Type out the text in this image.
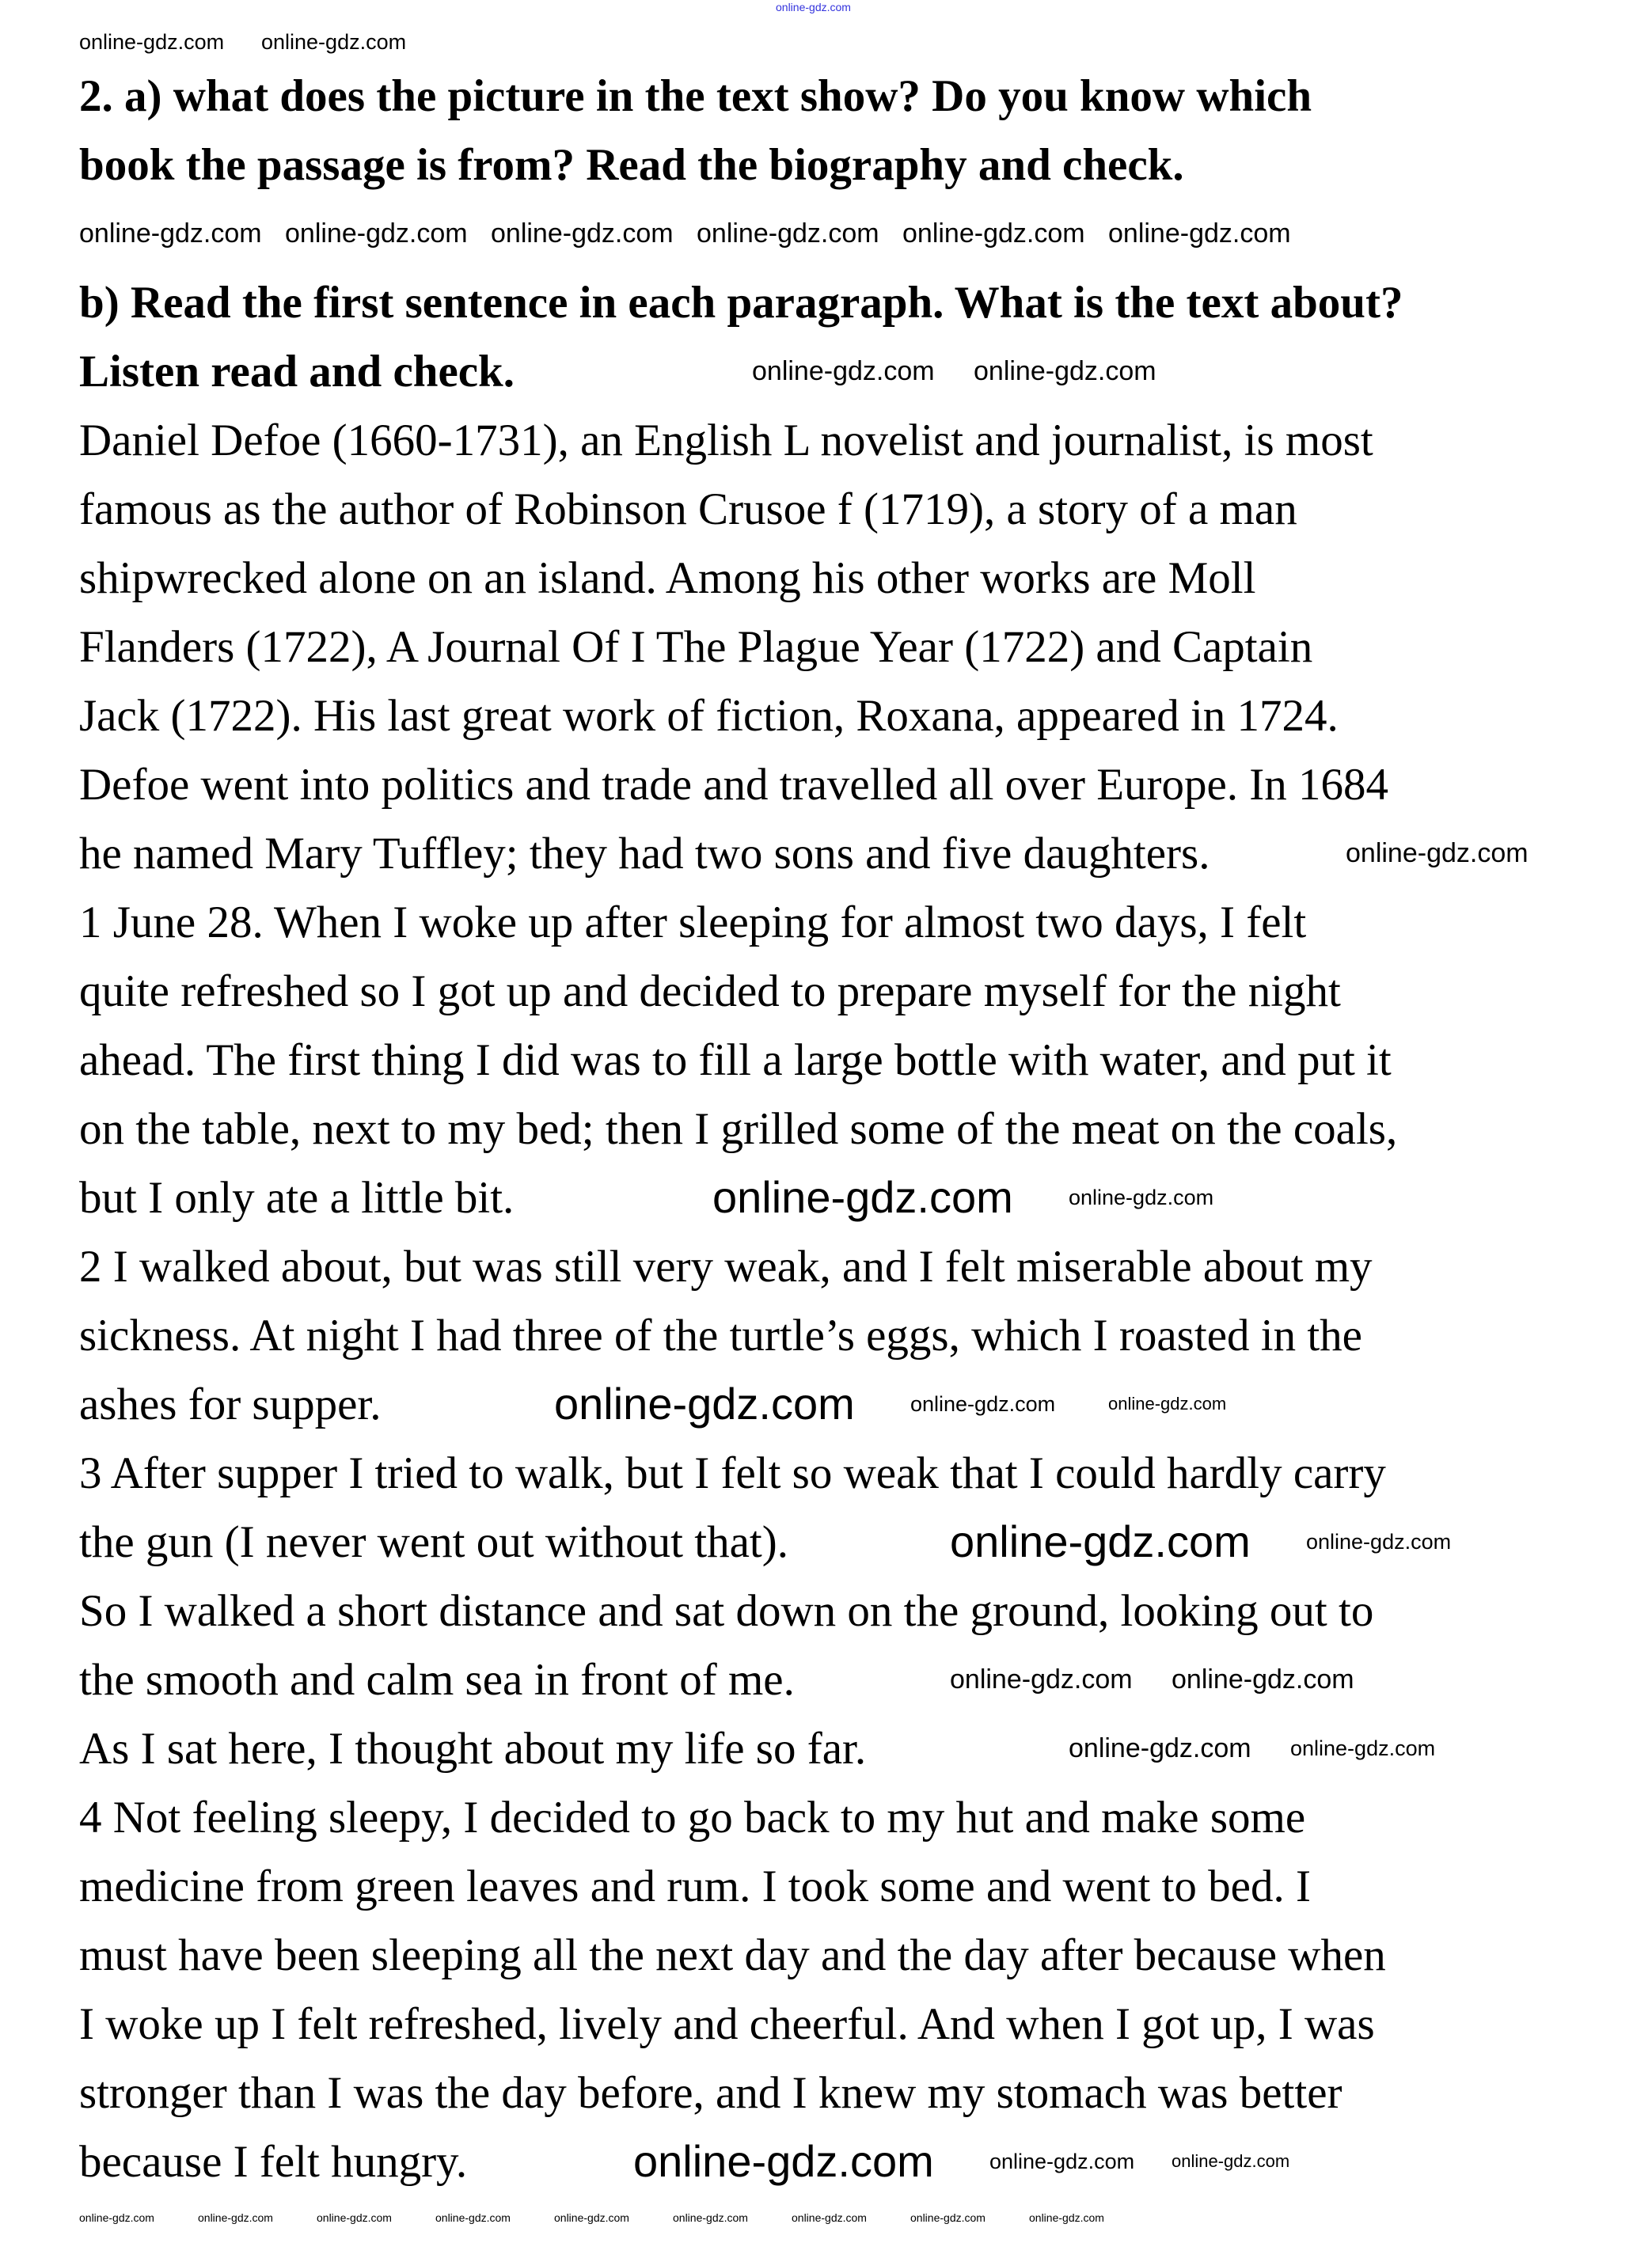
2. a) what does the picture in the text show? Do you know which
book the passage is from? Read the biography and check.
b) Read the first sentence in each paragraph. What is the text about?
Listen read and check.
Daniel Defoe (1660-1731), an English L novelist and journalist, is most
famous as the author of Robinson Crusoe f (1719), a story of a man
shipwrecked alone on an island. Among his other works are Moll
Flanders (1722), A Journal Of I The Plague Year (1722) and Captain
Jack (1722). His last great work of fiction, Roxana, appeared in 1724.
Defoe went into politics and trade and travelled all over Europe. In 1684
he named Mary Tuffley; they had two sons and five daughters.
1 June 28. When I woke up after sleeping for almost two days, I felt
quite refreshed so I got up and decided to prepare myself for the night
ahead. The first thing I did was to fill a large bottle with water, and put it
on the table, next to my bed; then I grilled some of the meat on the coals,
but I only ate a little bit.
2 I walked about, but was still very weak, and I felt miserable about my
sickness. At night I had three of the turtle’s eggs, which I roasted in the
ashes for supper.
3 After supper I tried to walk, but I felt so weak that I could hardly carry
the gun (I never went out without that).
So I walked a short distance and sat down on the ground, looking out to
the smooth and calm sea in front of me.
As I sat here, I thought about my life so far.
4 Not feeling sleepy, I decided to go back to my hut and make some
medicine from green leaves and rum. I took some and went to bed. I
must have been sleeping all the next day and the day after because when
I woke up I felt refreshed, lively and cheerful. And when I got up, I was
stronger than I was the day before, and I knew my stomach was better
because I felt hungry.
online-gdz.com
online-gdz.com online-gdz.com
online-gdz.com online-gdz.com online-gdz.com online-gdz.com online-gdz.com online-gdz.com
online-gdz.com online-gdz.com
online-gdz.com
online-gdz.com	online-gdz.com
online-gdz.com	online-gdz.com	online-gdz.com
online-gdz.com	online-gdz.com
online-gdz.com online-gdz.com
online-gdz.com online-gdz.com
online-gdz.com	online-gdz.com online-gdz.com
online-gdz.com	online-gdz.com	online-gdz.com	online-gdz.com	online-gdz.com	online-gdz.com	online-gdz.com	online-gdz.com	online-gdz.com
